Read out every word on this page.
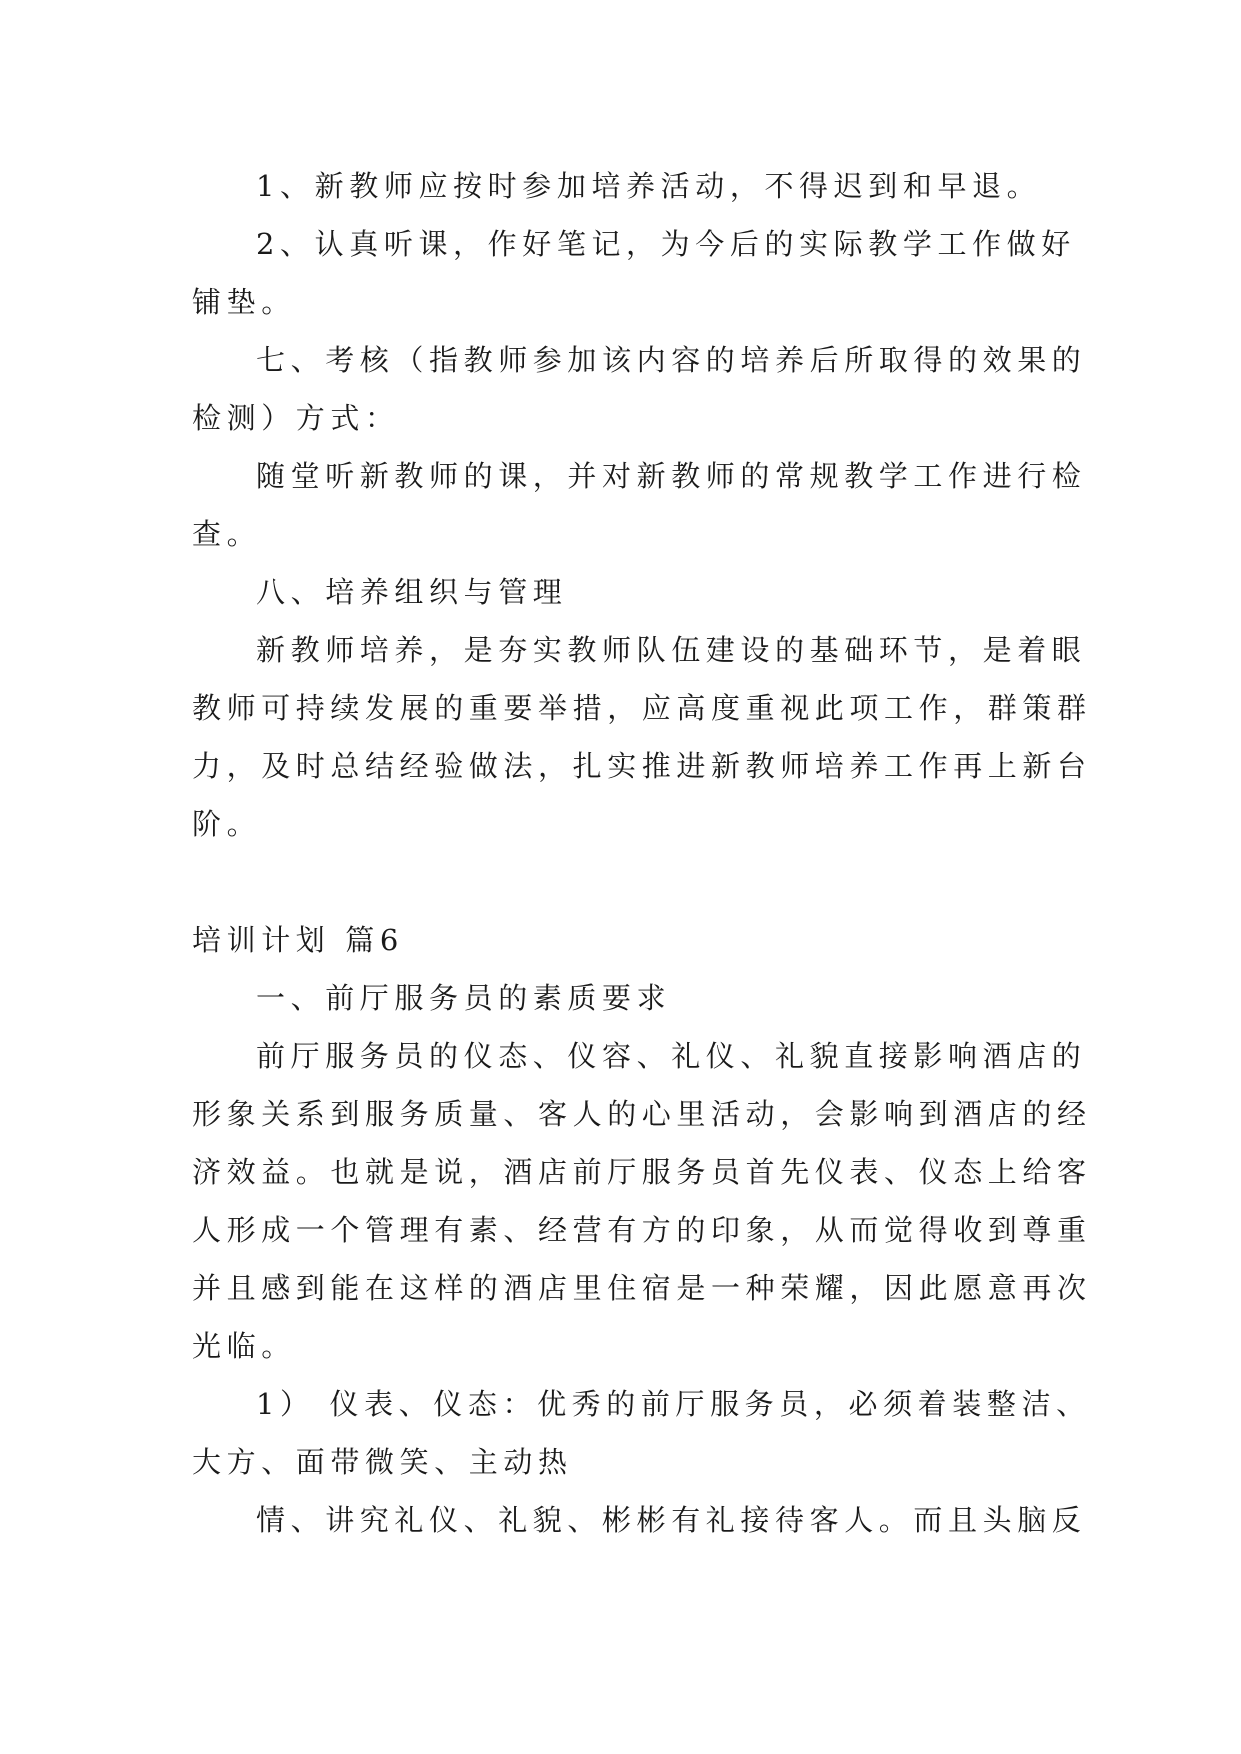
1、新教师应按时参加培养活动，不得迟到和早退。
2、认真听课，作好笔记，为今后的实际教学工作做好
铺垫。
七、考核（指教师参加该内容的培养后所取得的效果的
检测）方式：
随堂听新教师的课，并对新教师的常规教学工作进行检
查。
八、培养组织与管理
新教师培养，是夯实教师队伍建设的基础环节，是着眼
教师可持续发展的重要举措，应高度重视此项工作，群策群
力，及时总结经验做法，扎实推进新教师培养工作再上新台
阶。
培训计划 篇6
一、前厅服务员的素质要求
前厅服务员的仪态、仪容、礼仪、礼貌直接影响酒店的
形象关系到服务质量、客人的心里活动，会影响到酒店的经
济效益。也就是说，酒店前厅服务员首先仪表、仪态上给客
人形成一个管理有素、经营有方的印象，从而觉得收到尊重
并且感到能在这样的酒店里住宿是一种荣耀，因此愿意再次
光临。
1） 仪表、仪态：优秀的前厅服务员，必须着装整洁、
大方、面带微笑、主动热
情、讲究礼仪、礼貌、彬彬有礼接待客人。而且头脑反
